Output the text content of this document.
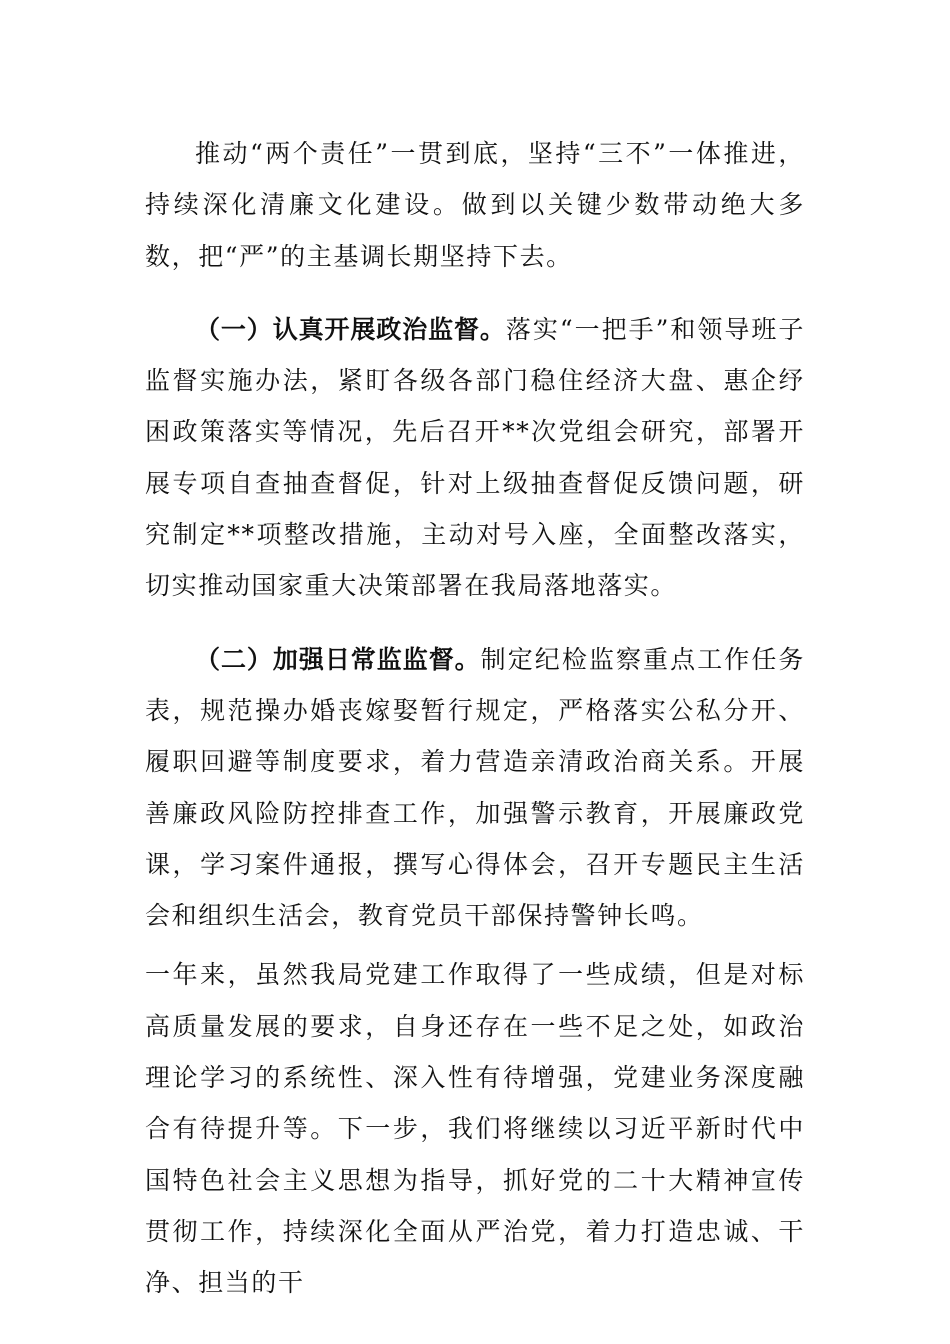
推动“两个责任”一贯到底，坚持“三不”一体推进，持续深化清廉文化建设。做到以关键少数带动绝大多数，把“严”的主基调长期坚持下去。

（一）认真开展政治监督。落实“一把手”和领导班子监督实施办法，紧盯各级各部门稳住经济大盘、惠企纾困政策落实等情况，先后召开**次党组会研究，部署开展专项自查抽查督促，针对上级抽查督促反馈问题，研究制定**项整改措施，主动对号入座，全面整改落实，切实推动国家重大决策部署在我局落地落实。

（二）加强日常监监督。制定纪检监察重点工作任务表，规范操办婚丧嫁娶暂行规定，严格落实公私分开、履职回避等制度要求，着力营造亲清政治商关系。开展善廉政风险防控排查工作，加强警示教育，开展廉政党课，学习案件通报，撰写心得体会，召开专题民主生活会和组织生活会，教育党员干部保持警钟长鸣。

一年来，虽然我局党建工作取得了一些成绩，但是对标高质量发展的要求，自身还存在一些不足之处，如政治理论学习的系统性、深入性有待增强，党建业务深度融合有待提升等。下一步，我们将继续以习近平新时代中国特色社会主义思想为指导，抓好党的二十大精神宣传贯彻工作，持续深化全面从严治党，着力打造忠诚、干净、担当的干
